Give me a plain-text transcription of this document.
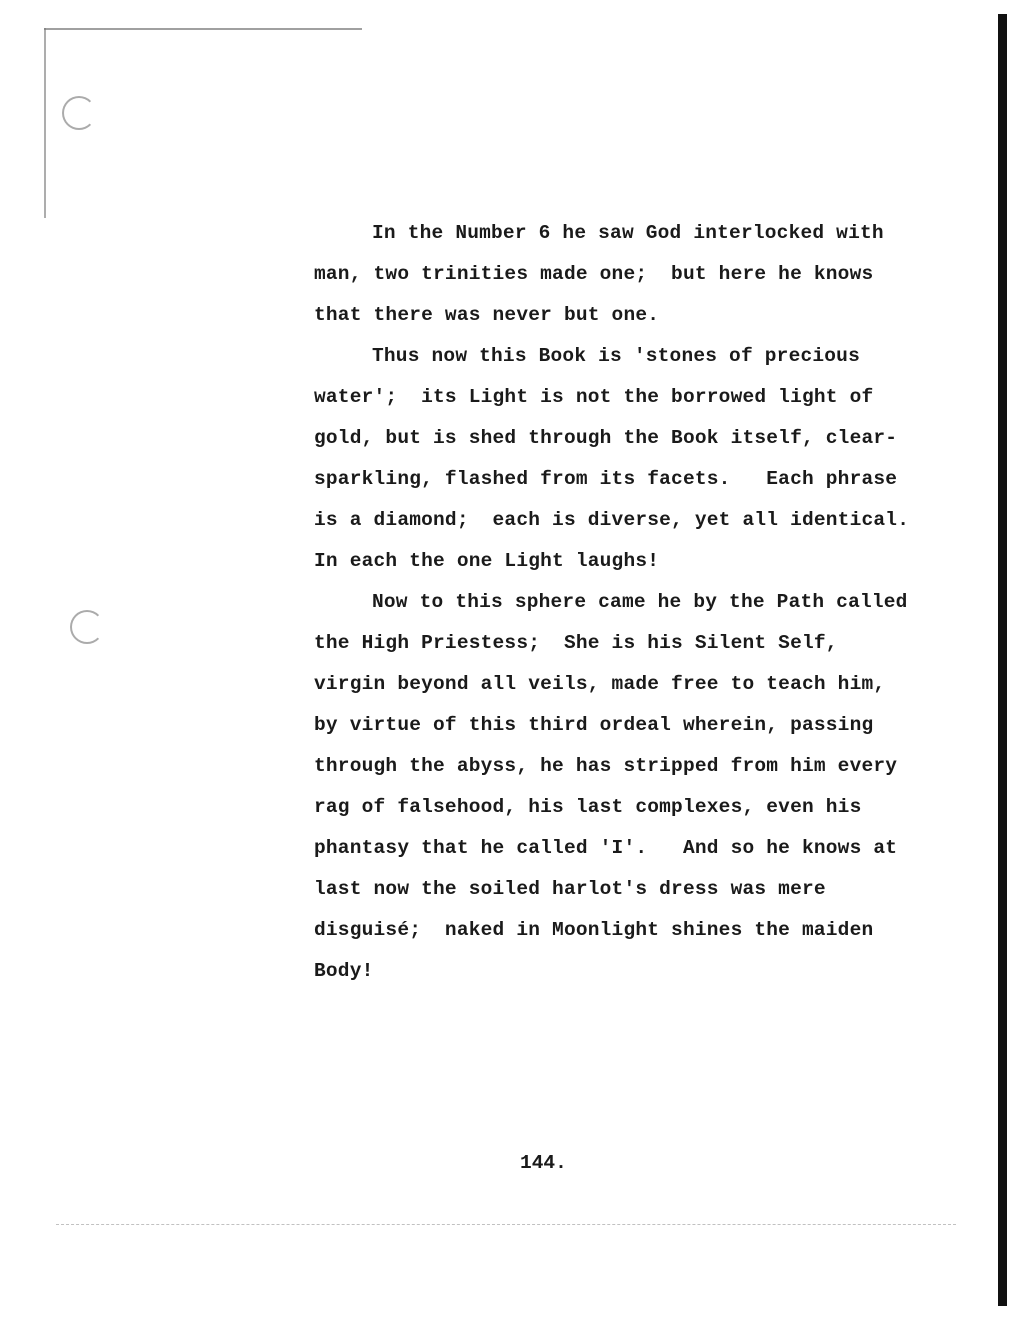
In the Number 6 he saw God interlocked with
man, two trinities made one;  but here he knows
that there was never but one.
Thus now this Book is 'stones of precious
water';  its Light is not the borrowed light of
gold, but is shed through the Book itself, clear-
sparkling, flashed from its facets.   Each phrase
is a diamond;  each is diverse, yet all identical.
In each the one Light laughs!
Now to this sphere came he by the Path called
the High Priestess;  She is his Silent Self,
virgin beyond all veils, made free to teach him,
by virtue of this third ordeal wherein, passing
through the abyss, he has stripped from him every
rag of falsehood, his last complexes, even his
phantasy that he called 'I'.   And so he knows at
last now the soiled harlot's dress was mere
disguisé;  naked in Moonlight shines the maiden
Body!
144.
